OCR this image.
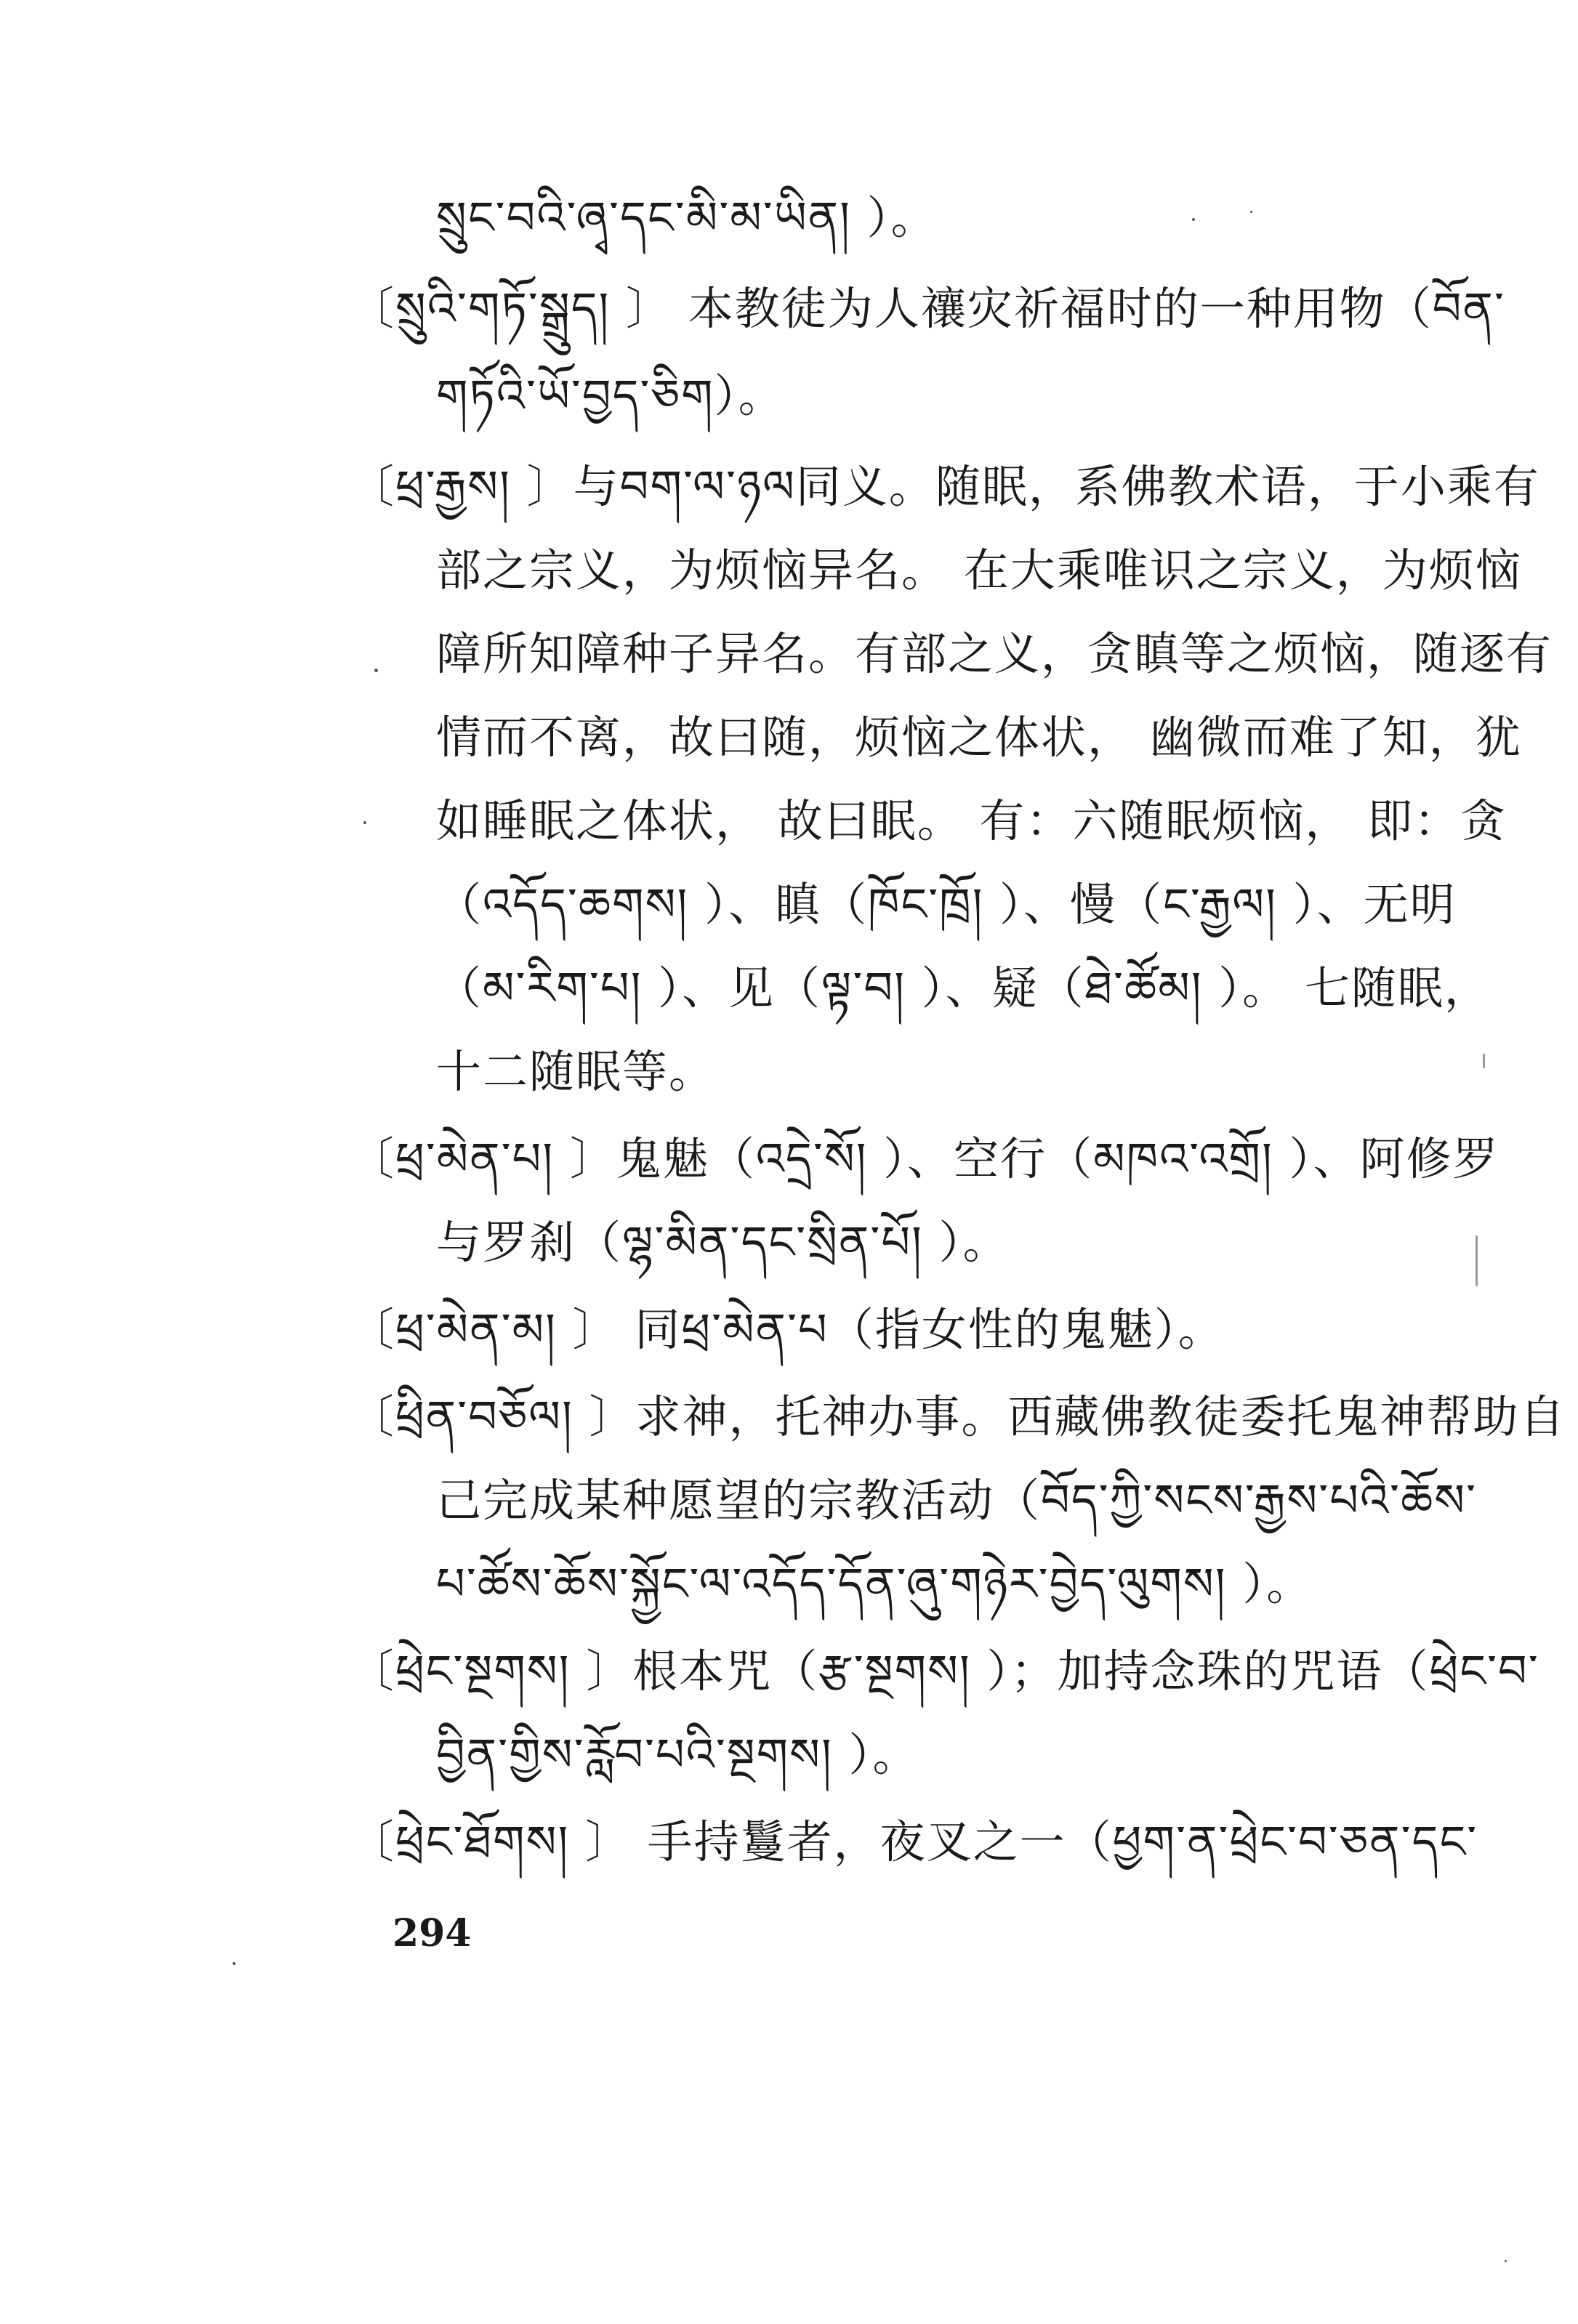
སྲུང་བའི་ཞྭ་དང་མི་མ་ཡིན། ）。
〔སྲུའི་གཏོ་སྒྲུད། 〕 本教徒为人禳灾祈福时的一种用物（བོན་
གཏོའི་ཡོ་བྱད་ཅིག）。
〔ཕྲ་རྒྱས། 〕与བག་ལ་ཉལ同义。随眠，系佛教术语，于小乘有
部之宗义，为烦恼异名。 在大乘唯识之宗义，为烦恼
障所知障种子异名。有部之义，贪瞋等之烦恼，随逐有
情而不离，故曰随，烦恼之体状， 幽微而难了知，犹
如睡眠之体状， 故曰眠。 有：六随眠烦恼， 即：贪
（འདོད་ཆགས། ）、瞋（ཁོང་ཁྲོ། ）、慢（ང་རྒྱལ། ）、无明
（མ་རིག་པ། ）、见（ལྟ་བ། ）、疑（ཐེ་ཚོམ། ）。 七随眠，
十二随眠等。
〔ཕྲ་མེན་པ། 〕鬼魅（འདྲེ་སོ། ）、空行（མཁའ་འགྲོ། ）、阿修罗
与罗刹（ལྷ་མིན་དང་སྲིན་པོ། ）。
〔ཕྲ་མེན་མ། 〕 同ཕྲ་མེན་པ（指女性的鬼魅）。
〔ཕྲིན་བཅོལ། 〕求神，托神办事。西藏佛教徒委托鬼神帮助自
己完成某种愿望的宗教活动（བོད་ཀྱི་སངས་རྒྱས་པའི་ཆོས་
པ་ཚོས་ཆོས་སྐྱོང་ལ་འདོད་དོན་ཞུ་གཉེར་བྱེད་ལུགས། ）。
〔ཕྲེང་སྔགས། 〕根本咒（རྩ་སྔགས། ）；加持念珠的咒语（ཕྲེང་བ་
བྱིན་གྱིས་རློབ་པའི་སྔགས། ）。
〔ཕྲེང་ཐོགས། 〕 手持鬘者，夜叉之一（ཕྱག་ན་ཕྲེང་བ་ཅན་དང་
294
